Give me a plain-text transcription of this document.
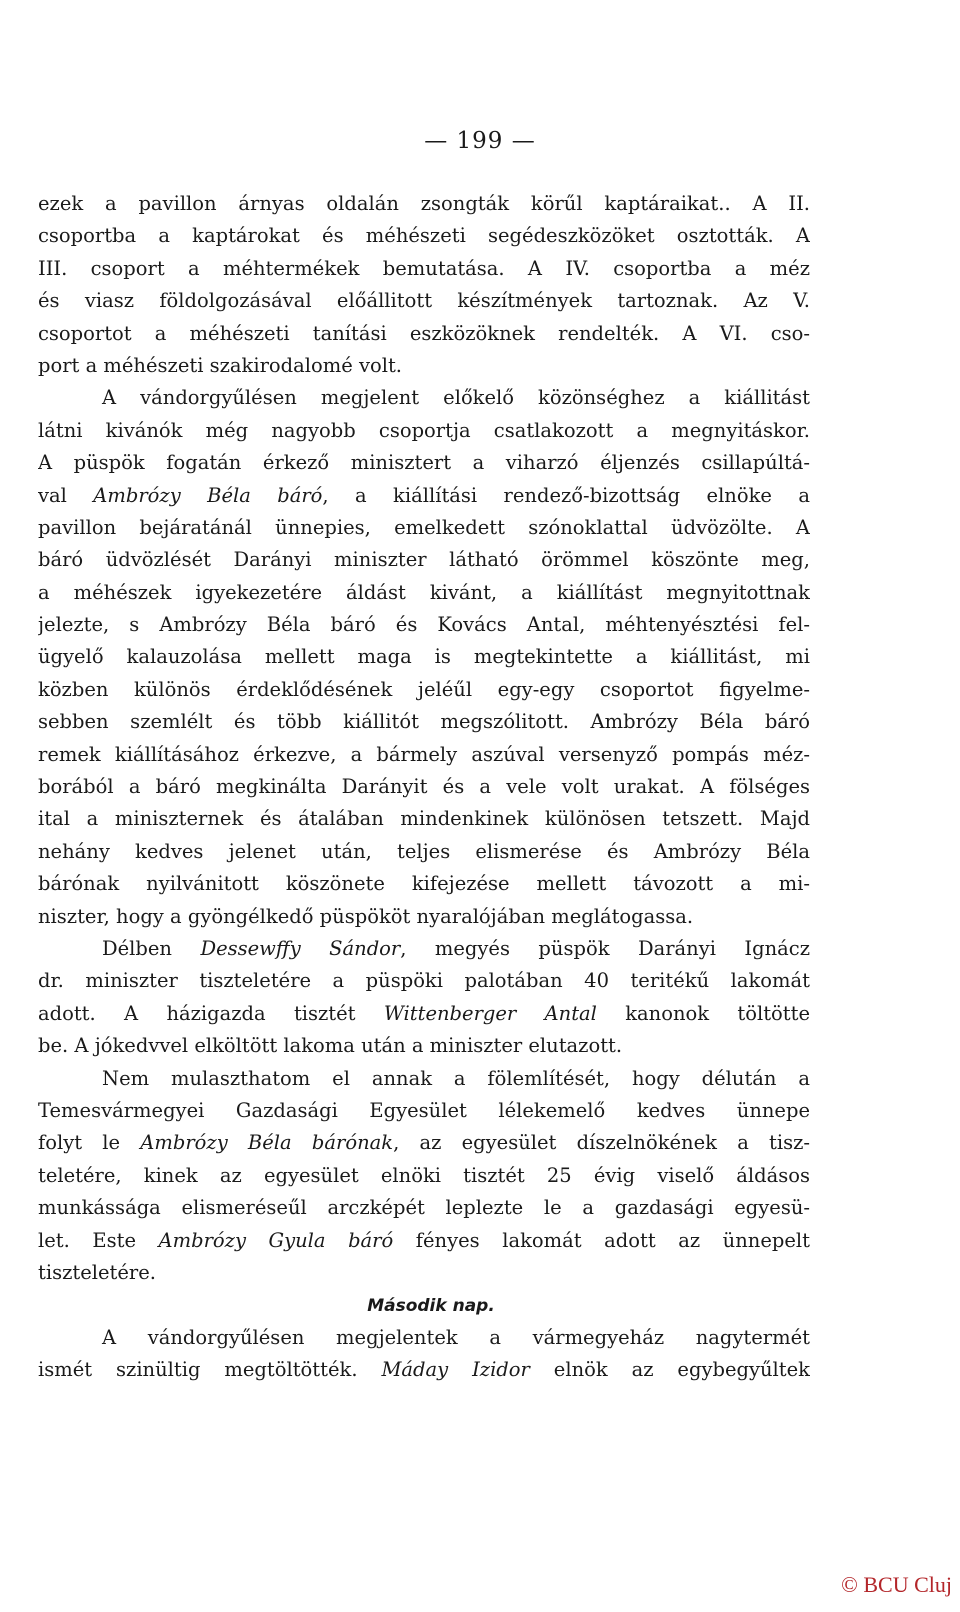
— 199 —
ezek a pavillon árnyas oldalán zsongták körűl kaptáraikat.. A II.
csoportba a kaptárokat és méhészeti segédeszközöket osztották. A
III. csoport a méhtermékek bemutatása. A IV. csoportba a méz
és viasz földolgozásával előállitott készítmények tartoznak. Az V.
csoportot a méhészeti tanítási eszközöknek rendelték. A VI. cso-
port a méhészeti szakirodalomé volt.
A vándorgyűlésen megjelent előkelő közönséghez a kiállitást
látni kivánók még nagyobb csoportja csatlakozott a megnyitáskor.
A püspök fogatán érkező minisztert a viharzó éljenzés csillapúltá-
val Ambrózy Béla báró, a kiállítási rendező-bizottság elnöke a
pavillon bejáratánál ünnepies, emelkedett szónoklattal üdvözölte. A
báró üdvözlését Darányi miniszter látható örömmel köszönte meg,
a méhészek igyekezetére áldást kivánt, a kiállítást megnyitottnak
jelezte, s Ambrózy Béla báró és Kovács Antal, méhtenyésztési fel-
ügyelő kalauzolása mellett maga is megtekintette a kiállitást, mi
közben különös érdeklődésének jeléűl egy-egy csoportot figyelme-
sebben szemlélt és több kiállitót megszólitott. Ambrózy Béla báró
remek kiállításához érkezve, a bármely aszúval versenyző pompás méz-
borából a báró megkinálta Darányit és a vele volt urakat. A fölséges
ital a miniszternek és átalában mindenkinek különösen tetszett. Majd
nehány kedves jelenet után, teljes elismerése és Ambrózy Béla
bárónak nyilvánitott köszönete kifejezése mellett távozott a mi-
niszter, hogy a gyöngélkedő püspököt nyaralójában meglátogassa.
Délben Dessewffy Sándor, megyés püspök Darányi Ignácz
dr. miniszter tiszteletére a püspöki palotában 40 teritékű lakomát
adott. A házigazda tisztét Wittenberger Antal kanonok töltötte
be. A jókedvvel elköltött lakoma után a miniszter elutazott.
Nem mulaszthatom el annak a fölemlítését, hogy délután a
Temesvármegyei Gazdasági Egyesület lélekemelő kedves ünnepe
folyt le Ambrózy Béla bárónak, az egyesület díszelnökének a tisz-
teletére, kinek az egyesület elnöki tisztét 25 évig viselő áldásos
munkássága elismeréseűl arczképét leplezte le a gazdasági egyesü-
let. Este Ambrózy Gyula báró fényes lakomát adott az ünnepelt
tiszteletére.
Második nap.
A vándorgyűlésen megjelentek a vármegyeház nagytermét
ismét szinültig megtöltötték. Máday Izidor elnök az egybegyűltek
© BCU Cluj
